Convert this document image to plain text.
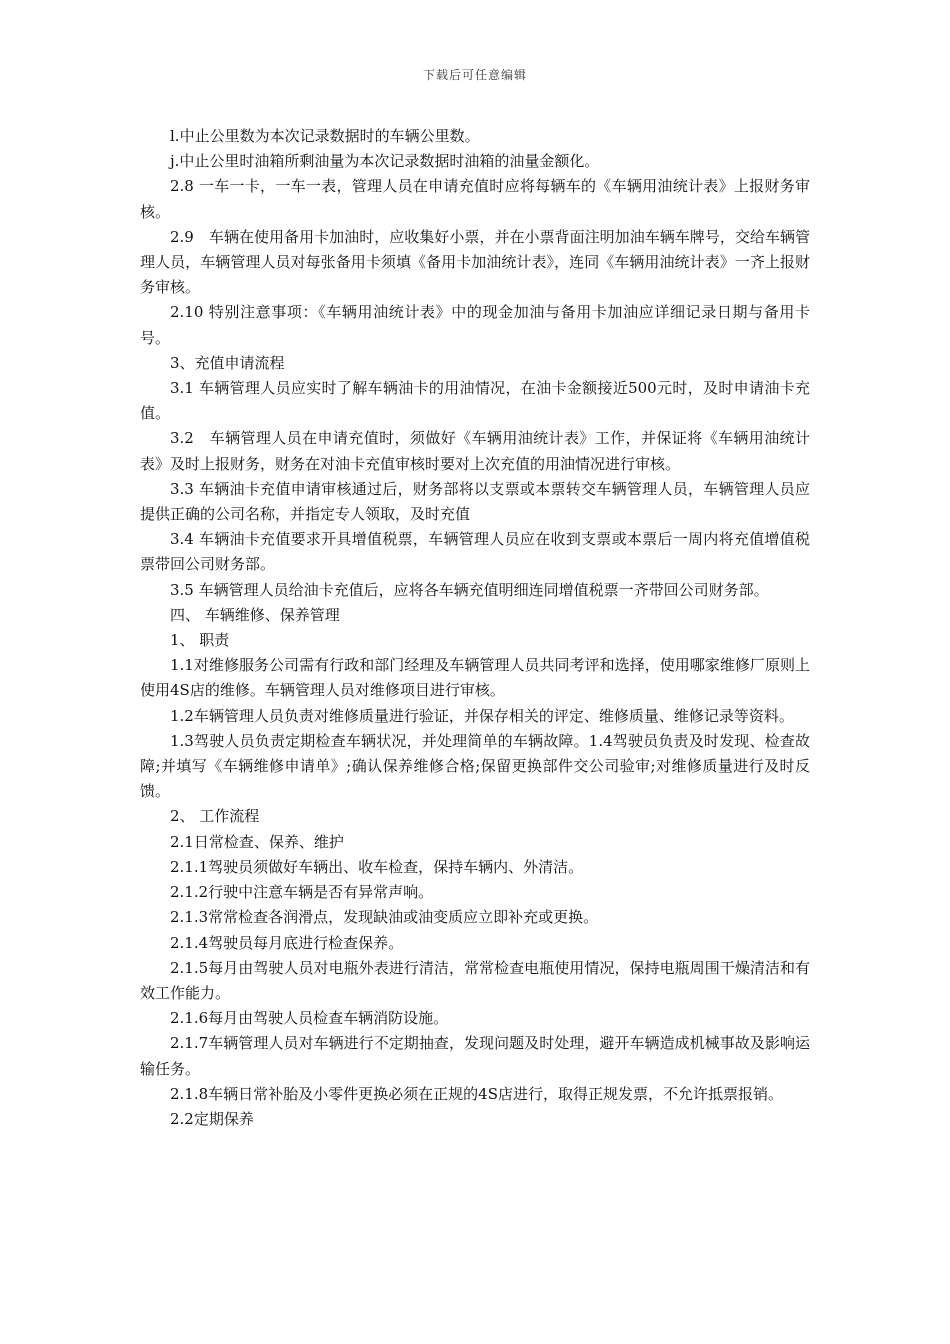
下载后可任意编辑

l.中止公里数为本次记录数据时的车辆公里数。

j.中止公里时油箱所剩油量为本次记录数据时油箱的油量金额化。

2.8 一车一卡，一车一表，管理人员在申请充值时应将每辆车的《车辆用油统计表》上报财务审核。

2.9　车辆在使用备用卡加油时，应收集好小票，并在小票背面注明加油车辆车牌号，交给车辆管理人员，车辆管理人员对每张备用卡须填《备用卡加油统计表》，连同《车辆用油统计表》一齐上报财务审核。

2.10 特别注意事项：《车辆用油统计表》中的现金加油与备用卡加油应详细记录日期与备用卡号。

3、充值申请流程

3.1 车辆管理人员应实时了解车辆油卡的用油情况，在油卡金额接近500元时，及时申请油卡充值。

3.2　车辆管理人员在申请充值时，须做好《车辆用油统计表》工作，并保证将《车辆用油统计表》及时上报财务，财务在对油卡充值审核时要对上次充值的用油情况进行审核。

3.3 车辆油卡充值申请审核通过后，财务部将以支票或本票转交车辆管理人员，车辆管理人员应提供正确的公司名称，并指定专人领取，及时充值

3.4 车辆油卡充值要求开具增值税票，车辆管理人员应在收到支票或本票后一周内将充值增值税票带回公司财务部。

3.5 车辆管理人员给油卡充值后，应将各车辆充值明细连同增值税票一齐带回公司财务部。

四、 车辆维修、保养管理

1、 职责

1.1对维修服务公司需有行政和部门经理及车辆管理人员共同考评和选择，使用哪家维修厂原则上使用4S店的维修。车辆管理人员对维修项目进行审核。

1.2车辆管理人员负责对维修质量进行验证，并保存相关的评定、维修质量、维修记录等资料。

1.3驾驶人员负责定期检查车辆状况，并处理简单的车辆故障。1.4驾驶员负责及时发现、检查故障;并填写《车辆维修申请单》;确认保养维修合格;保留更换部件交公司验审;对维修质量进行及时反馈。

2、 工作流程

2.1日常检查、保养、维护

2.1.1驾驶员须做好车辆出、收车检查，保持车辆内、外清洁。

2.1.2行驶中注意车辆是否有异常声响。

2.1.3常常检查各润滑点，发现缺油或油变质应立即补充或更换。

2.1.4驾驶员每月底进行检查保养。

2.1.5每月由驾驶人员对电瓶外表进行清洁，常常检查电瓶使用情况，保持电瓶周围干燥清洁和有效工作能力。

2.1.6每月由驾驶人员检查车辆消防设施。

2.1.7车辆管理人员对车辆进行不定期抽查，发现问题及时处理，避开车辆造成机械事故及影响运输任务。

2.1.8车辆日常补胎及小零件更换必须在正规的4S店进行，取得正规发票，不允许抵票报销。

2.2定期保养
